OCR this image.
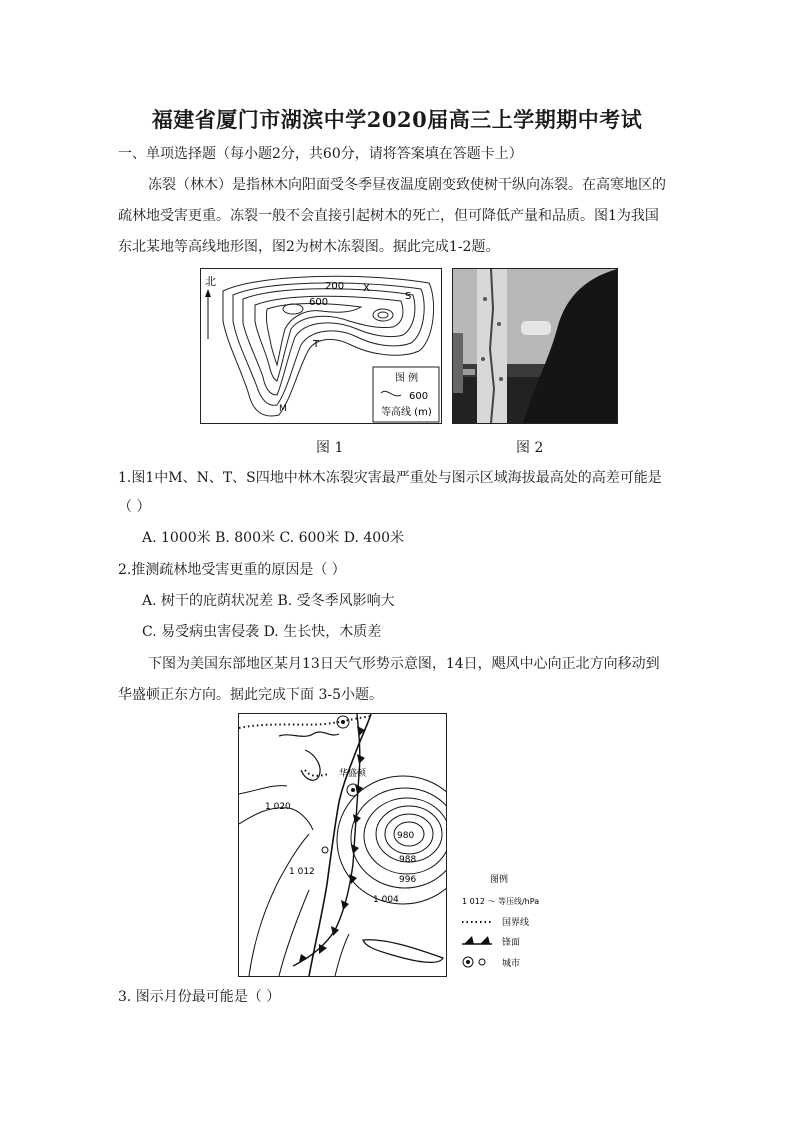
福建省厦门市湖滨中学2020届高三上学期期中考试
一、单项选择题（每小题2分，共60分，请将答案填在答题卡上）
冻裂（林木）是指林木向阳面受冬季昼夜温度剧变致使树干纵向冻裂。在高寒地区的
疏林地受害更重。冻裂一般不会直接引起树木的死亡，但可降低产量和品质。图1为我国
东北某地等高线地形图，图2为树木冻裂图。据此完成1-2题。
北	200
600
X
S
T
M
图 例
600
等高线 (m)
图 1	图 2
1.图1中M、N、T、S四地中林木冻裂灾害最严重处与图示区域海拔最高处的高差可能是
（ ）
A. 1000米 B. 800米 C. 600米 D. 400米
2.推测疏林地受害更重的原因是（ ）
A. 树干的庇荫状况差 B. 受冬季风影响大
C. 易受病虫害侵袭 D. 生长快，木质差
下图为美国东部地区某月13日天气形势示意图，14日，飓风中心向正北方向移动到
华盛顿正东方向。据此完成下面 3-5小题。
华盛顿
1 020
1 012
980
988
996
1 004
图例
1 012 ～ 等压线/hPa
国界线
锋面
城市
3. 图示月份最可能是（ ）
